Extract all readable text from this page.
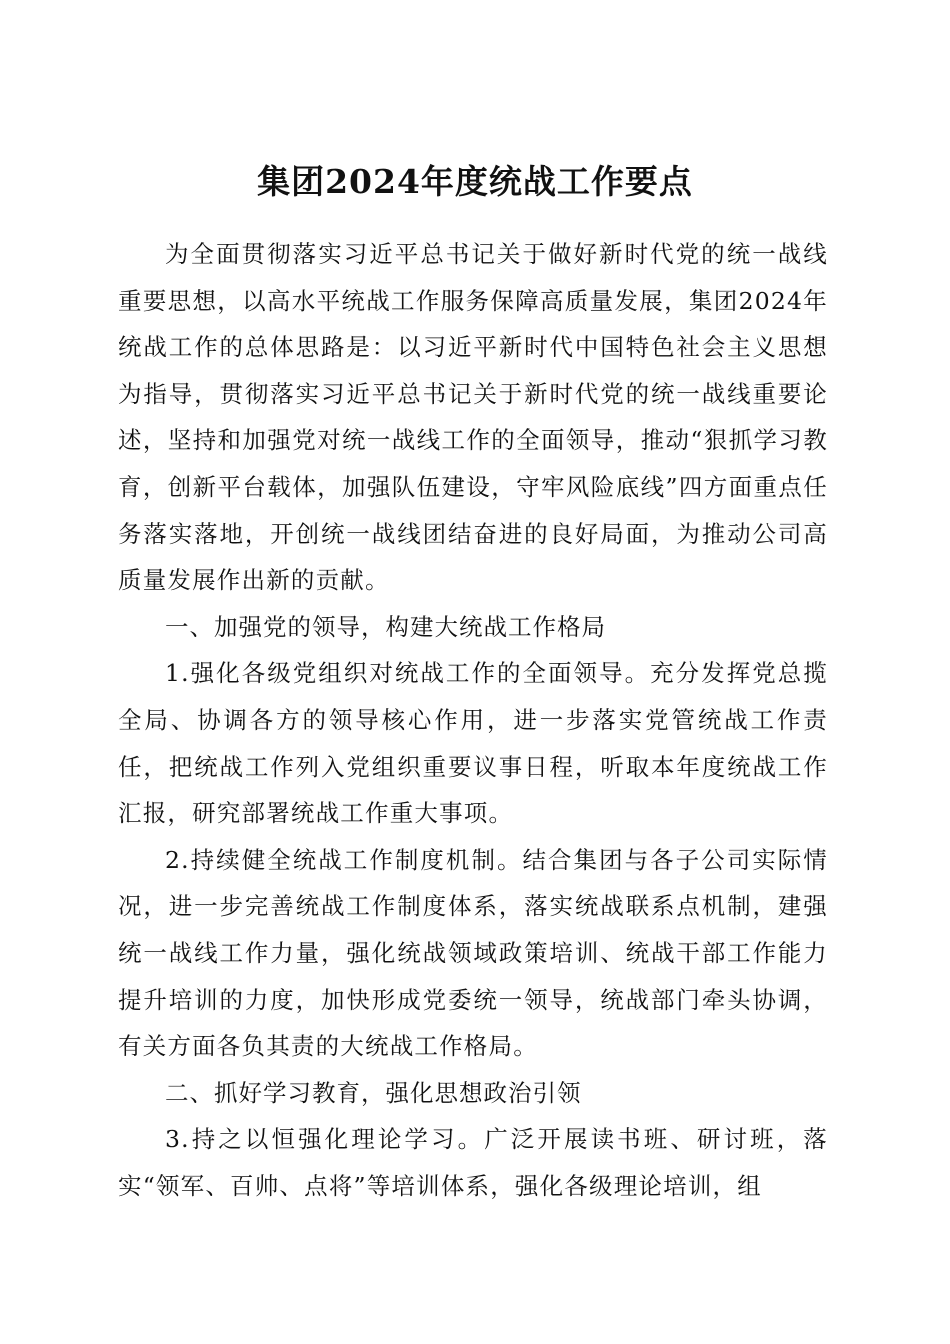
集团2024年度统战工作要点

为全面贯彻落实习近平总书记关于做好新时代党的统一战线重要思想，以高水平统战工作服务保障高质量发展，集团2024年统战工作的总体思路是：以习近平新时代中国特色社会主义思想为指导，贯彻落实习近平总书记关于新时代党的统一战线重要论述，坚持和加强党对统一战线工作的全面领导，推动“狠抓学习教育，创新平台载体，加强队伍建设，守牢风险底线”四方面重点任务落实落地，开创统一战线团结奋进的良好局面，为推动公司高质量发展作出新的贡献。

一、加强党的领导，构建大统战工作格局

1.强化各级党组织对统战工作的全面领导。充分发挥党总揽全局、协调各方的领导核心作用，进一步落实党管统战工作责任，把统战工作列入党组织重要议事日程，听取本年度统战工作汇报，研究部署统战工作重大事项。

2.持续健全统战工作制度机制。结合集团与各子公司实际情况，进一步完善统战工作制度体系，落实统战联系点机制，建强统一战线工作力量，强化统战领域政策培训、统战干部工作能力提升培训的力度，加快形成党委统一领导，统战部门牵头协调，有关方面各负其责的大统战工作格局。

二、抓好学习教育，强化思想政治引领

3.持之以恒强化理论学习。广泛开展读书班、研讨班，落实“领军、百帅、点将”等培训体系，强化各级理论培训，组
